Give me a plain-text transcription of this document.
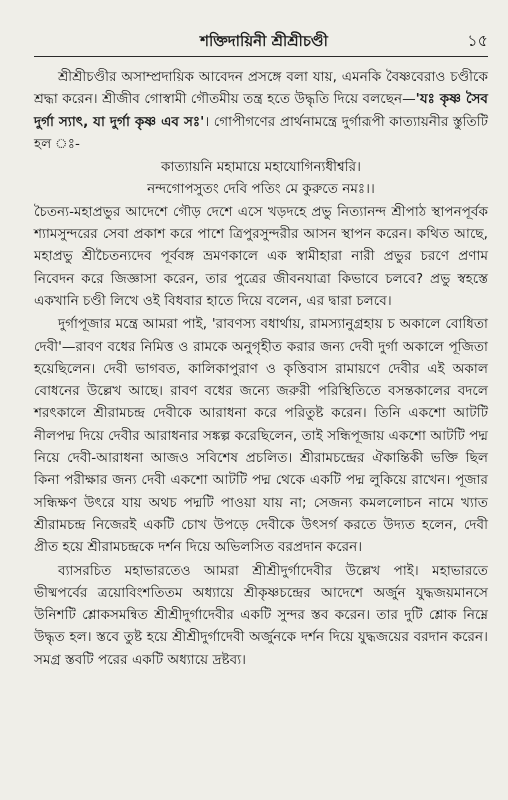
শক্তিদায়িনী শ্রীশ্রীচণ্ডী	১৫

শ্রীশ্রীচণ্ডীর অসাম্প্রদায়িক আবেদন প্রসঙ্গে বলা যায়, এমনকি বৈষ্ণবেরাও চণ্ডীকে শ্রদ্ধা করেন। শ্রীজীব গোস্বামী গৌতমীয় তন্ত্র হতে উদ্ধৃতি দিয়ে বলছেন—'যঃ কৃষ্ণ সৈব দুর্গা স্যাৎ, যা দুর্গা কৃষ্ণ এব সঃ'। গোপীগণের প্রার্থনামন্ত্রে দুর্গারূপী কাত্যায়নীর স্তুতিটি হল ঃ-

কাত্যায়নি মহামায়ে মহাযোগিন্যধীশ্বরি।

নন্দগোপসুতং দেবি পতিং মে কুরুতে নমঃ।।

চৈতন্য-মহাপ্রভুর আদেশে গৌড় দেশে এসে খড়দহে প্রভু নিত্যানন্দ শ্রীপাঠ স্থাপনপূর্বক শ্যামসুন্দরের সেবা প্রকাশ করে পাশে ত্রিপুরসুন্দরীর আসন স্থাপন করেন। কথিত আছে, মহাপ্রভু শ্রীচৈতন্যদেব পূর্ববঙ্গ ভ্রমণকালে এক স্বামীহারা নারী প্রভুর চরণে প্রণাম নিবেদন করে জিজ্ঞাসা করেন, তার পুত্রের জীবনযাত্রা কিভাবে চলবে? প্রভু স্বহস্তে একখানি চণ্ডী লিখে ওই বিধবার হাতে দিয়ে বলেন, এর দ্বারা চলবে।

দুর্গাপূজার মন্ত্রে আমরা পাই, 'রাবণস্য বধার্থায়, রামস্যানুগ্রহায় চ অকালে বোধিতা দেবী'—রাবণ বধের নিমিত্ত ও রামকে অনুগৃহীত করার জন্য দেবী দুর্গা অকালে পূজিতা হয়েছিলেন। দেবী ভাগবত, কালিকাপুরাণ ও কৃত্তিবাস রামায়ণে দেবীর এই অকাল বোধনের উল্লেখ আছে। রাবণ বধের জন্যে জরুরী পরিস্থিতিতে বসন্তকালের বদলে শরৎকালে শ্রীরামচন্দ্র দেবীকে আরাধনা করে পরিতুষ্ট করেন। তিনি একশো আটটি নীলপদ্ম দিয়ে দেবীর আরাধনার সঙ্কল্প করেছিলেন, তাই সন্ধিপূজায় একশো আটটি পদ্ম নিয়ে দেবী-আরাধনা আজও সবিশেষ প্রচলিত। শ্রীরামচন্দ্রের ঐকান্তিকী ভক্তি ছিল কিনা পরীক্ষার জন্য দেবী একশো আটটি পদ্ম থেকে একটি পদ্ম লুকিয়ে রাখেন। পূজার সন্ধিক্ষণ উৎরে যায় অথচ পদ্মটি পাওয়া যায় না; সেজন্য কমললোচন নামে খ্যাত শ্রীরামচন্দ্র নিজেরই একটি চোখ উপড়ে দেবীকে উৎসর্গ করতে উদ্যত হলেন, দেবী প্রীত হয়ে শ্রীরামচন্দ্রকে দর্শন দিয়ে অভিলসিত বরপ্রদান করেন।

ব্যাসরচিত মহাভারতেও আমরা শ্রীশ্রীদুর্গাদেবীর উল্লেখ পাই। মহাভারতে ভীষ্মপর্বের ত্রয়োবিংশতিতম অধ্যায়ে শ্রীকৃষ্ণচন্দ্রের আদেশে অর্জুন যুদ্ধজয়মানসে উনিশটি শ্লোকসমন্বিত শ্রীশ্রীদুর্গাদেবীর একটি সুন্দর স্তব করেন। তার দুটি শ্লোক নিম্নে উদ্ধৃত হল। স্তবে তুষ্ট হয়ে শ্রীশ্রীদুর্গাদেবী অর্জুনকে দর্শন দিয়ে যুদ্ধজয়ের বরদান করেন। সমগ্র স্তবটি পরের একটি অধ্যায়ে দ্রষ্টব্য।
